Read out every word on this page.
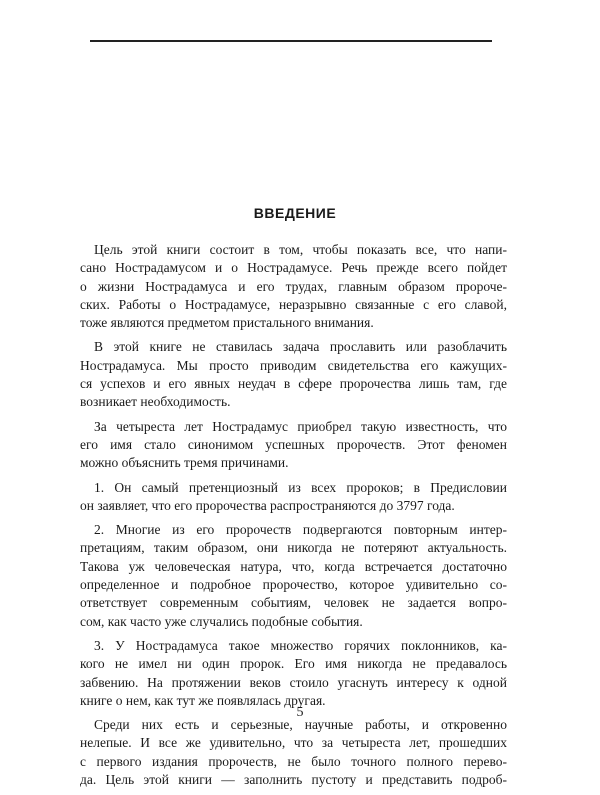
ВВЕДЕНИЕ

Цель этой книги состоит в том, чтобы показать все, что напи-
сано Нострадамусом и о Нострадамусе. Речь прежде всего пойдет
о жизни Нострадамуса и его трудах, главным образом пророче-
ских. Работы о Нострадамусе, неразрывно связанные с его славой,
тоже являются предметом пристального внимания.

В этой книге не ставилась задача прославить или разоблачить
Нострадамуса. Мы просто приводим свидетельства его кажущих-
ся успехов и его явных неудач в сфере пророчества лишь там, где
возникает необходимость.

За четыреста лет Нострадамус приобрел такую известность, что
его имя стало синонимом успешных пророчеств. Этот феномен
можно объяснить тремя причинами.

1. Он самый претенциозный из всех пророков; в Предисловии
он заявляет, что его пророчества распространяются до 3797 года.

2. Многие из его пророчеств подвергаются повторным интер-
претациям, таким образом, они никогда не потеряют актуальность.
Такова уж человеческая натура, что, когда встречается достаточно
определенное и подробное пророчество, которое удивительно со-
ответствует современным событиям, человек не задается вопро-
сом, как часто уже случались подобные события.

3. У Нострадамуса такое множество горячих поклонников, ка-
кого не имел ни один пророк. Его имя никогда не предавалось
забвению. На протяжении веков стоило угаснуть интересу к одной
книге о нем, как тут же появлялась другая.

Среди них есть и серьезные, научные работы, и откровенно
нелепые. И все же удивительно, что за четыреста лет, прошедших
с первого издания пророчеств, не было точного полного перево-
да. Цель этой книги — заполнить пустоту и представить подроб-

5
